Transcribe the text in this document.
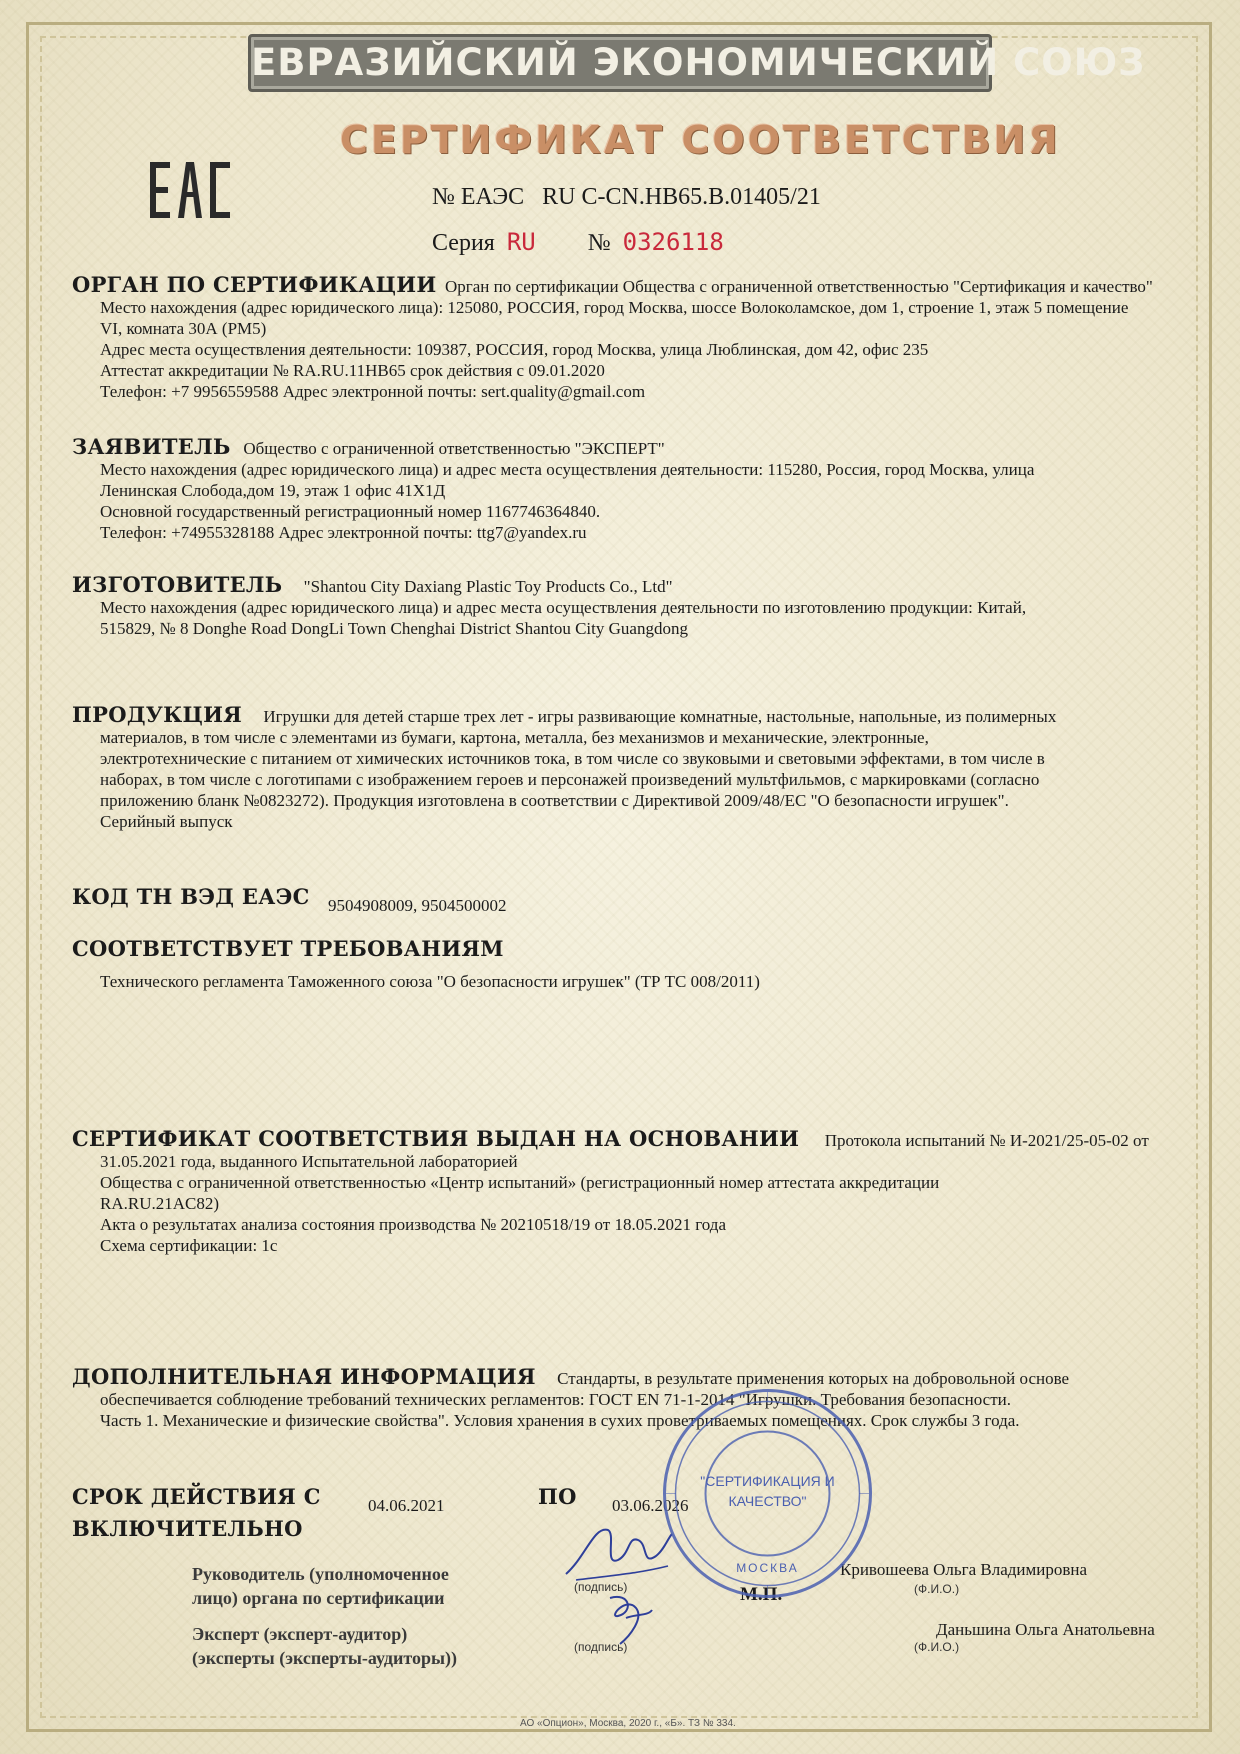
ЕВРАЗИЙСКИЙ ЭКОНОМИЧЕСКИЙ СОЮЗ
СЕРТИФИКАТ СООТВЕТСТВИЯ
№ ЕАЭС RU C-CN.HB65.B.01405/21
Серия RU № 0326118

ОРГАН ПО СЕРТИФИКАЦИИ Орган по сертификации Общества с ограниченной ответственностью "Сертификация и качество"

Место нахождения (адрес юридического лица): 125080, РОССИЯ, город Москва, шоссе Волоколамское, дом 1, строение 1, этаж 5 помещение

VI, комната 30А (РМ5)

Адрес места осуществления деятельности: 109387, РОССИЯ, город Москва, улица Люблинская, дом 42, офис 235

Аттестат аккредитации № RA.RU.11HB65 срок действия с 09.01.2020

Телефон: +7 9956559588 Адрес электронной почты: sert.quality@gmail.com

ЗАЯВИТЕЛЬ Общество с ограниченной ответственностью "ЭКСПЕРТ"

Место нахождения (адрес юридического лица) и адрес места осуществления деятельности: 115280, Россия, город Москва, улица

Ленинская Слобода,дом 19, этаж 1 офис 41Х1Д

Основной государственный регистрационный номер 1167746364840.

Телефон: +74955328188 Адрес электронной почты: ttg7@yandex.ru

ИЗГОТОВИТЕЛЬ "Shantou City Daxiang Plastic Toy Products Co., Ltd"

Место нахождения (адрес юридического лица) и адрес места осуществления деятельности по изготовлению продукции: Китай,

515829, № 8 Donghe Road DongLi Town Chenghai District Shantou City Guangdong

ПРОДУКЦИЯ Игрушки для детей старше трех лет - игры развивающие комнатные, настольные, напольные, из полимерных

материалов, в том числе с элементами из бумаги, картона, металла, без механизмов и механические, электронные,

электротехнические с питанием от химических источников тока, в том числе со звуковыми и световыми эффектами, в том числе в

наборах, в том числе с логотипами с изображением героев и персонажей произведений мультфильмов, с маркировками (согласно

приложению бланк №0823272). Продукция изготовлена в соответствии с Директивой 2009/48/ЕС "О безопасности игрушек".

Серийный выпуск

КОД ТН ВЭД ЕАЭС 9504908009, 9504500002
СООТВЕТСТВУЕТ ТРЕБОВАНИЯМ
Технического регламента Таможенного союза "О безопасности игрушек" (ТР ТС 008/2011)

СЕРТИФИКАТ СООТВЕТСТВИЯ ВЫДАН НА ОСНОВАНИИ Протокола испытаний № И-2021/25-05-02 от

31.05.2021 года, выданного Испытательной лабораторией

Общества с ограниченной ответственностью «Центр испытаний» (регистрационный номер аттестата аккредитации

RA.RU.21AC82)

Акта о результатах анализа состояния производства № 20210518/19 от 18.05.2021 года

Схема сертификации: 1с

ДОПОЛНИТЕЛЬНАЯ ИНФОРМАЦИЯ Стандарты, в результате применения которых на добровольной основе

обеспечивается соблюдение требований технических регламентов: ГОСТ EN 71-1-2014 "Игрушки. Требования безопасности.

Часть 1. Механические и физические свойства". Условия хранения в сухих проветриваемых помещениях. Срок службы 3 года.

СРОК ДЕЙСТВИЯ С
ВКЛЮЧИТЕЛЬНО
04.06.2021	ПО 03.06.2026
Руководитель (уполномоченное
лицо) органа по сертификации
Эксперт (эксперт-аудитор)
(эксперты (эксперты-аудиторы))
(подпись)
(подпись)
(Ф.И.О.)
(Ф.И.О.)
М.П.
Кривошеева Ольга Владимировна
Даньшина Ольга Анатольевна
"СЕРТИФИКАЦИЯ И
КАЧЕСТВО"
МОСКВА
АО «Опцион», Москва, 2020 г., «Б». ТЗ № 334.
